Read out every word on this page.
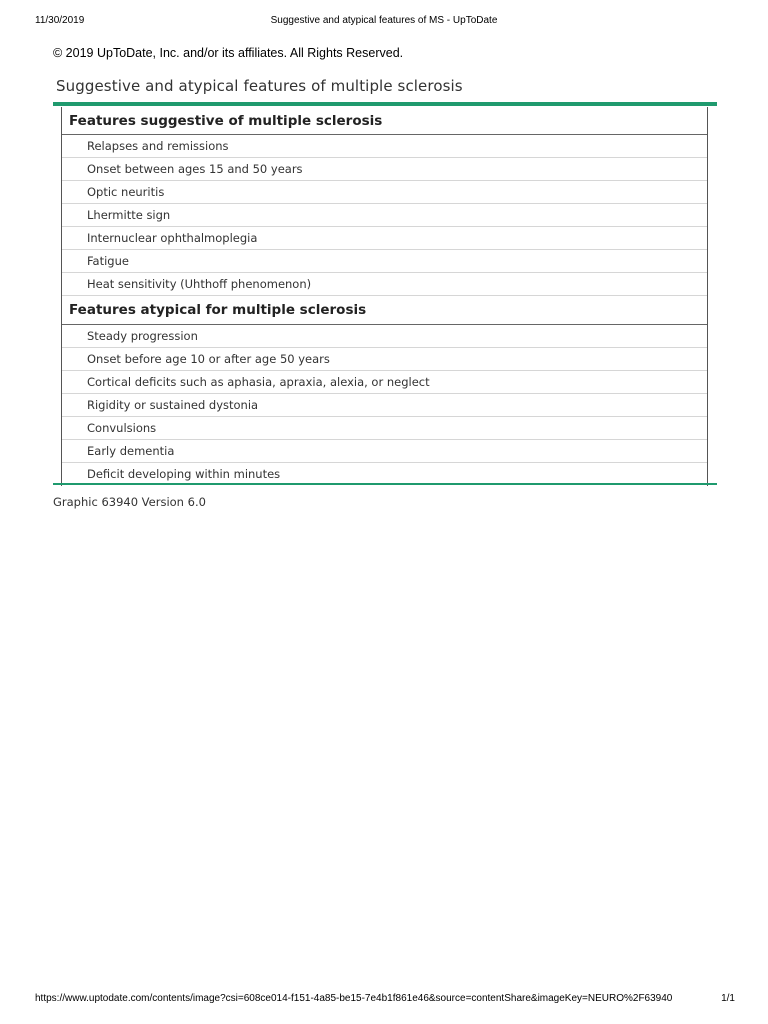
11/30/2019	Suggestive and atypical features of MS - UpToDate
© 2019 UpToDate, Inc. and/or its affiliates. All Rights Reserved.
Suggestive and atypical features of multiple sclerosis
Features suggestive of multiple sclerosis
Relapses and remissions
Onset between ages 15 and 50 years
Optic neuritis
Lhermitte sign
Internuclear ophthalmoplegia
Fatigue
Heat sensitivity (Uhthoff phenomenon)
Features atypical for multiple sclerosis
Steady progression
Onset before age 10 or after age 50 years
Cortical deficits such as aphasia, apraxia, alexia, or neglect
Rigidity or sustained dystonia
Convulsions
Early dementia
Deficit developing within minutes
Graphic 63940 Version 6.0
https://www.uptodate.com/contents/image?csi=608ce014-f151-4a85-be15-7e4b1f861e46&source=contentShare&imageKey=NEURO%2F63940	1/1
